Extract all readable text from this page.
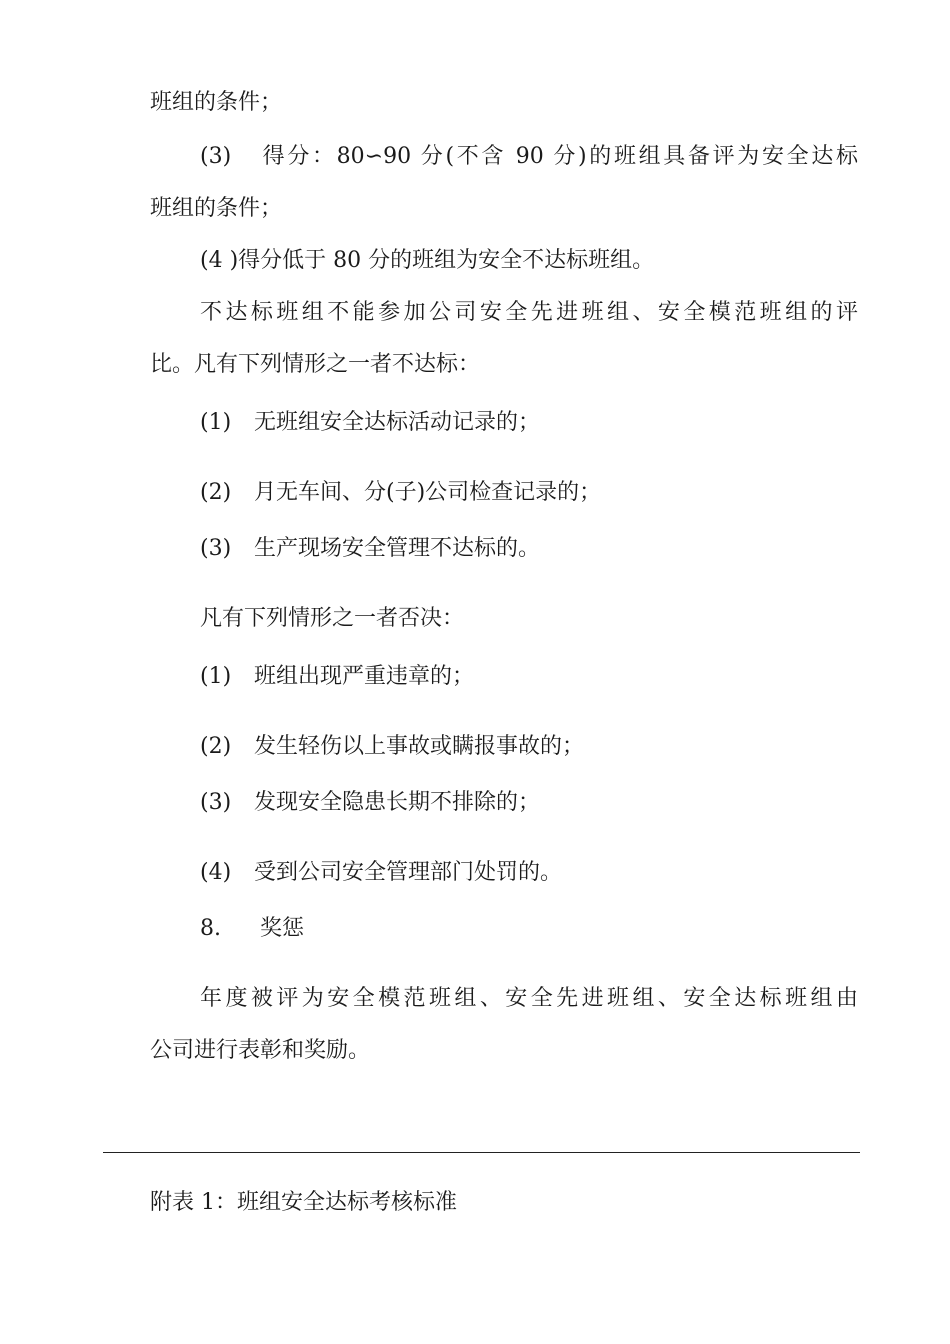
班组的条件；
(3) 得分：80∽90 分(不含 90 分)的班组具备评为安全达标
班组的条件；
(4 )得分低于 80 分的班组为安全不达标班组。
不达标班组不能参加公司安全先进班组、安全模范班组的评
比。凡有下列情形之一者不达标：
(1) 无班组安全达标活动记录的；
(2) 月无车间、分(子)公司检查记录的；
(3) 生产现场安全管理不达标的。
凡有下列情形之一者否决：
(1) 班组出现严重违章的；
(2) 发生轻伤以上事故或瞒报事故的；
(3) 发现安全隐患长期不排除的；
(4) 受到公司安全管理部门处罚的。
8. 奖惩
年度被评为安全模范班组、安全先进班组、安全达标班组由
公司进行表彰和奖励。
附表 1：班组安全达标考核标准
